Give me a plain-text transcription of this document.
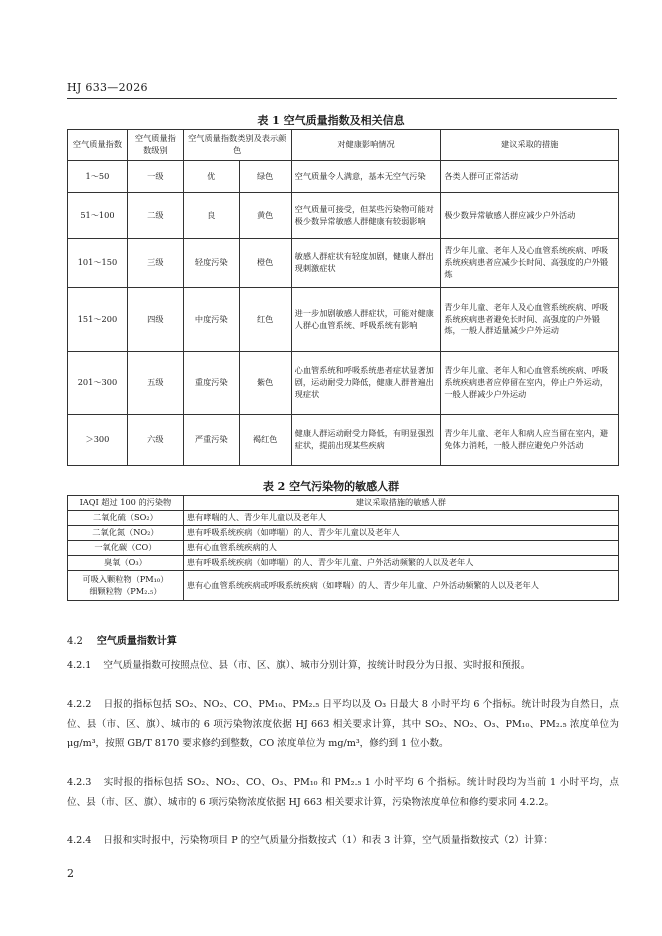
HJ 633—2026
表 1 空气质量指数及相关信息
空气质量指数	空气质量指数级别	空气质量指数类别及表示颜色		对健康影响情况	建议采取的措施
1～50	一级	优	绿色	空气质量令人满意，基本无空气污染	各类人群可正常活动
51～100	二级	良	黄色	空气质量可接受，但某些污染物可能对极少数异常敏感人群健康有较弱影响	极少数异常敏感人群应减少户外活动
101～150	三级	轻度污染	橙色	敏感人群症状有轻度加剧，健康人群出现刺激症状	青少年儿童、老年人及心血管系统疾病、呼吸系统疾病患者应减少长时间、高强度的户外锻炼
151～200	四级	中度污染	红色	进一步加剧敏感人群症状，可能对健康人群心血管系统、呼吸系统有影响	青少年儿童、老年人及心血管系统疾病、呼吸系统疾病患者避免长时间、高强度的户外锻炼，一般人群适量减少户外运动
201～300	五级	重度污染	紫色	心血管系统和呼吸系统患者症状显著加剧，运动耐受力降低，健康人群普遍出现症状	青少年儿童、老年人和心血管系统疾病、呼吸系统疾病患者应停留在室内，停止户外运动，一般人群减少户外运动
＞300	六级	严重污染	褐红色	健康人群运动耐受力降低，有明显强烈症状，提前出现某些疾病	青少年儿童、老年人和病人应当留在室内，避免体力消耗，一般人群应避免户外活动
表 2 空气污染物的敏感人群
IAQI 超过 100 的污染物	建议采取措施的敏感人群
二氧化硫（SO₂）	患有哮喘的人、青少年儿童以及老年人
二氧化氮（NO₂）	患有呼吸系统疾病（如哮喘）的人、青少年儿童以及老年人
一氧化碳（CO）	患有心血管系统疾病的人
臭氧（O₃）	患有呼吸系统疾病（如哮喘）的人、青少年儿童、户外活动频繁的人以及老年人
可吸入颗粒物（PM₁₀）
细颗粒物（PM₂.₅）	患有心血管系统疾病或呼吸系统疾病（如哮喘）的人、青少年儿童、户外活动频繁的人以及老年人
4.2 空气质量指数计算
4.2.1 空气质量指数可按照点位、县（市、区、旗）、城市分别计算，按统计时段分为日报、实时报和预报。
4.2.2 日报的指标包括 SO₂、NO₂、CO、PM₁₀、PM₂.₅ 日平均以及 O₃ 日最大 8 小时平均 6 个指标。统计时段为自然日，点位、县（市、区、旗）、城市的 6 项污染物浓度依据 HJ 663 相关要求计算，其中 SO₂、NO₂、O₃、PM₁₀、PM₂.₅ 浓度单位为 μg/m³，按照 GB/T 8170 要求修约到整数，CO 浓度单位为 mg/m³，修约到 1 位小数。
4.2.3 实时报的指标包括 SO₂、NO₂、CO、O₃、PM₁₀ 和 PM₂.₅ 1 小时平均 6 个指标。统计时段均为当前 1 小时平均，点位、县（市、区、旗）、城市的 6 项污染物浓度依据 HJ 663 相关要求计算，污染物浓度单位和修约要求同 4.2.2。
4.2.4 日报和实时报中，污染物项目 P 的空气质量分指数按式（1）和表 3 计算，空气质量指数按式（2）计算：
2
